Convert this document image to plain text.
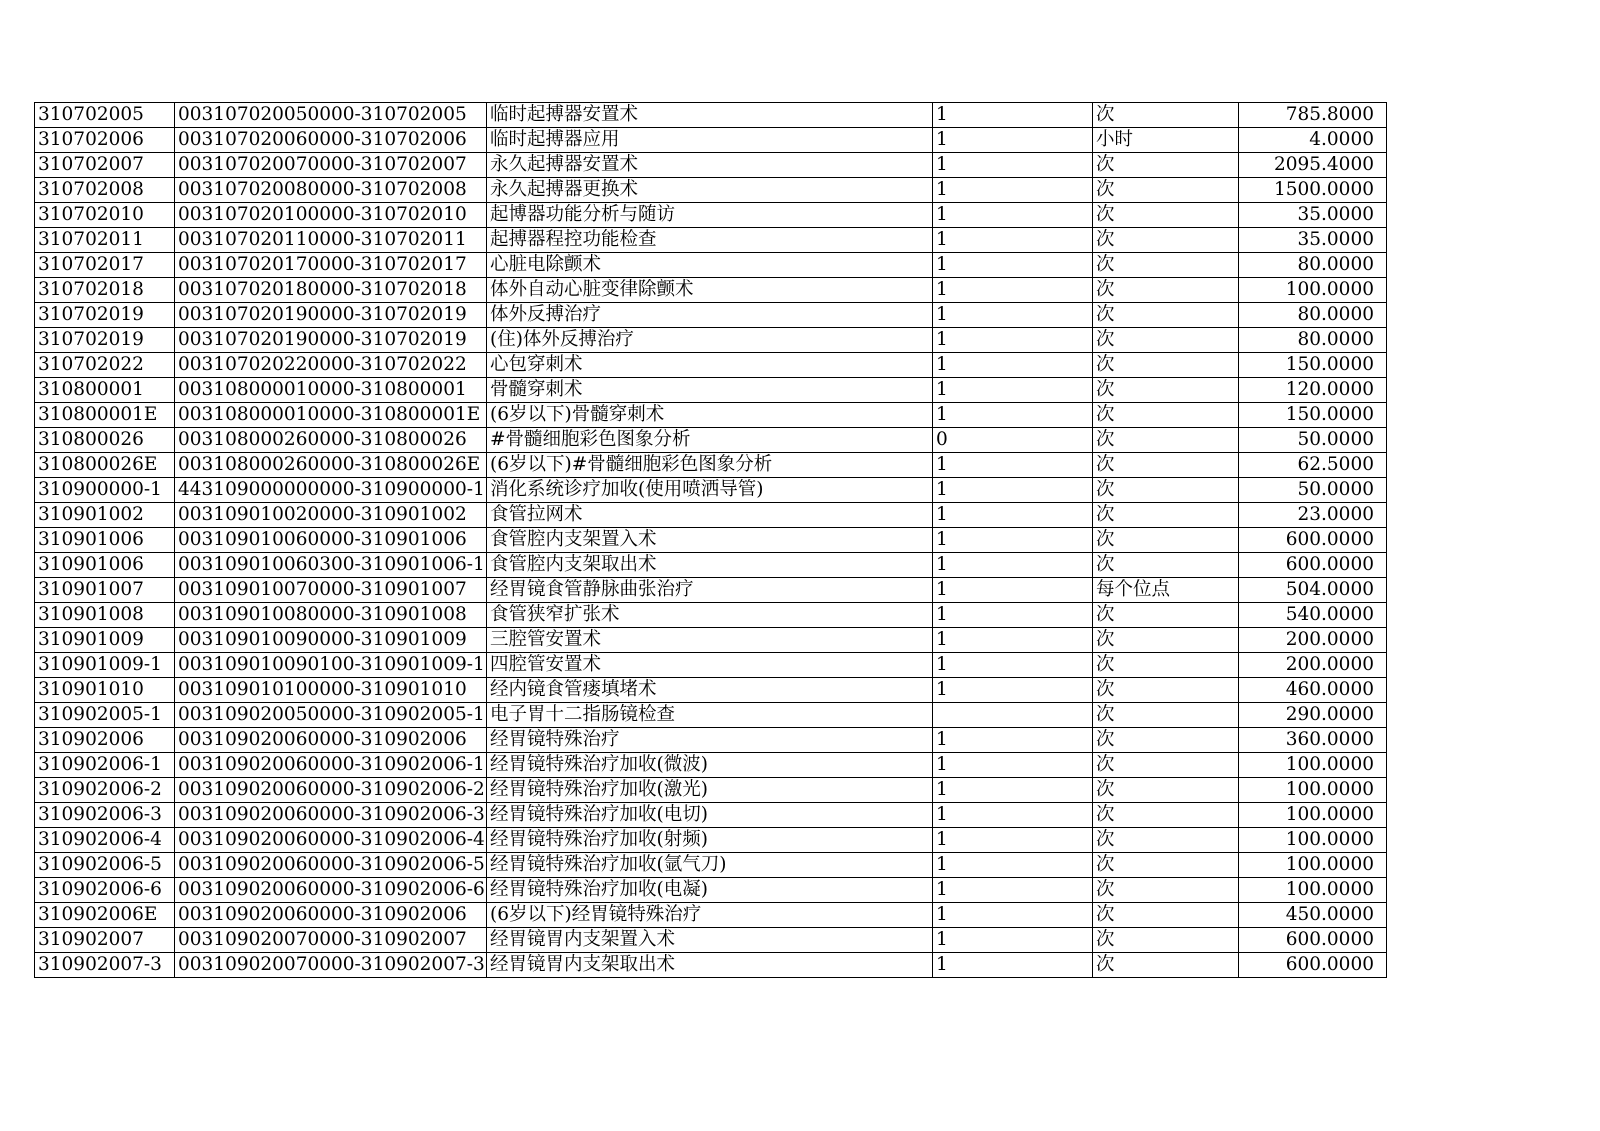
310702005	003107020050000-310702005	临时起搏器安置术	1	次	785.8000
310702006	003107020060000-310702006	临时起搏器应用	1	小时	4.0000
310702007	003107020070000-310702007	永久起搏器安置术	1	次	2095.4000
310702008	003107020080000-310702008	永久起搏器更换术	1	次	1500.0000
310702010	003107020100000-310702010	起博器功能分析与随访	1	次	35.0000
310702011	003107020110000-310702011	起搏器程控功能检查	1	次	35.0000
310702017	003107020170000-310702017	心脏电除颤术	1	次	80.0000
310702018	003107020180000-310702018	体外自动心脏变律除颤术	1	次	100.0000
310702019	003107020190000-310702019	体外反搏治疗	1	次	80.0000
310702019	003107020190000-310702019	(住)体外反搏治疗	1	次	80.0000
310702022	003107020220000-310702022	心包穿刺术	1	次	150.0000
310800001	003108000010000-310800001	骨髓穿刺术	1	次	120.0000
310800001E	003108000010000-310800001E	(6岁以下)骨髓穿刺术	1	次	150.0000
310800026	003108000260000-310800026	#骨髓细胞彩色图象分析	0	次	50.0000
310800026E	003108000260000-310800026E	(6岁以下)#骨髓细胞彩色图象分析	1	次	62.5000
310900000-1	443109000000000-310900000-1	消化系统诊疗加收(使用喷洒导管)	1	次	50.0000
310901002	003109010020000-310901002	食管拉网术	1	次	23.0000
310901006	003109010060000-310901006	食管腔内支架置入术	1	次	600.0000
310901006	003109010060300-310901006-1	食管腔内支架取出术	1	次	600.0000
310901007	003109010070000-310901007	经胃镜食管静脉曲张治疗	1	每个位点	504.0000
310901008	003109010080000-310901008	食管狭窄扩张术	1	次	540.0000
310901009	003109010090000-310901009	三腔管安置术	1	次	200.0000
310901009-1	003109010090100-310901009-1	四腔管安置术	1	次	200.0000
310901010	003109010100000-310901010	经内镜食管瘘填堵术	1	次	460.0000
310902005-1	003109020050000-310902005-1	电子胃十二指肠镜检查		次	290.0000
310902006	003109020060000-310902006	经胃镜特殊治疗	1	次	360.0000
310902006-1	003109020060000-310902006-1	经胃镜特殊治疗加收(微波)	1	次	100.0000
310902006-2	003109020060000-310902006-2	经胃镜特殊治疗加收(激光)	1	次	100.0000
310902006-3	003109020060000-310902006-3	经胃镜特殊治疗加收(电切)	1	次	100.0000
310902006-4	003109020060000-310902006-4	经胃镜特殊治疗加收(射频)	1	次	100.0000
310902006-5	003109020060000-310902006-5	经胃镜特殊治疗加收(氩气刀)	1	次	100.0000
310902006-6	003109020060000-310902006-6	经胃镜特殊治疗加收(电凝)	1	次	100.0000
310902006E	003109020060000-310902006	(6岁以下)经胃镜特殊治疗	1	次	450.0000
310902007	003109020070000-310902007	经胃镜胃内支架置入术	1	次	600.0000
310902007-3	003109020070000-310902007-3	经胃镜胃内支架取出术	1	次	600.0000
